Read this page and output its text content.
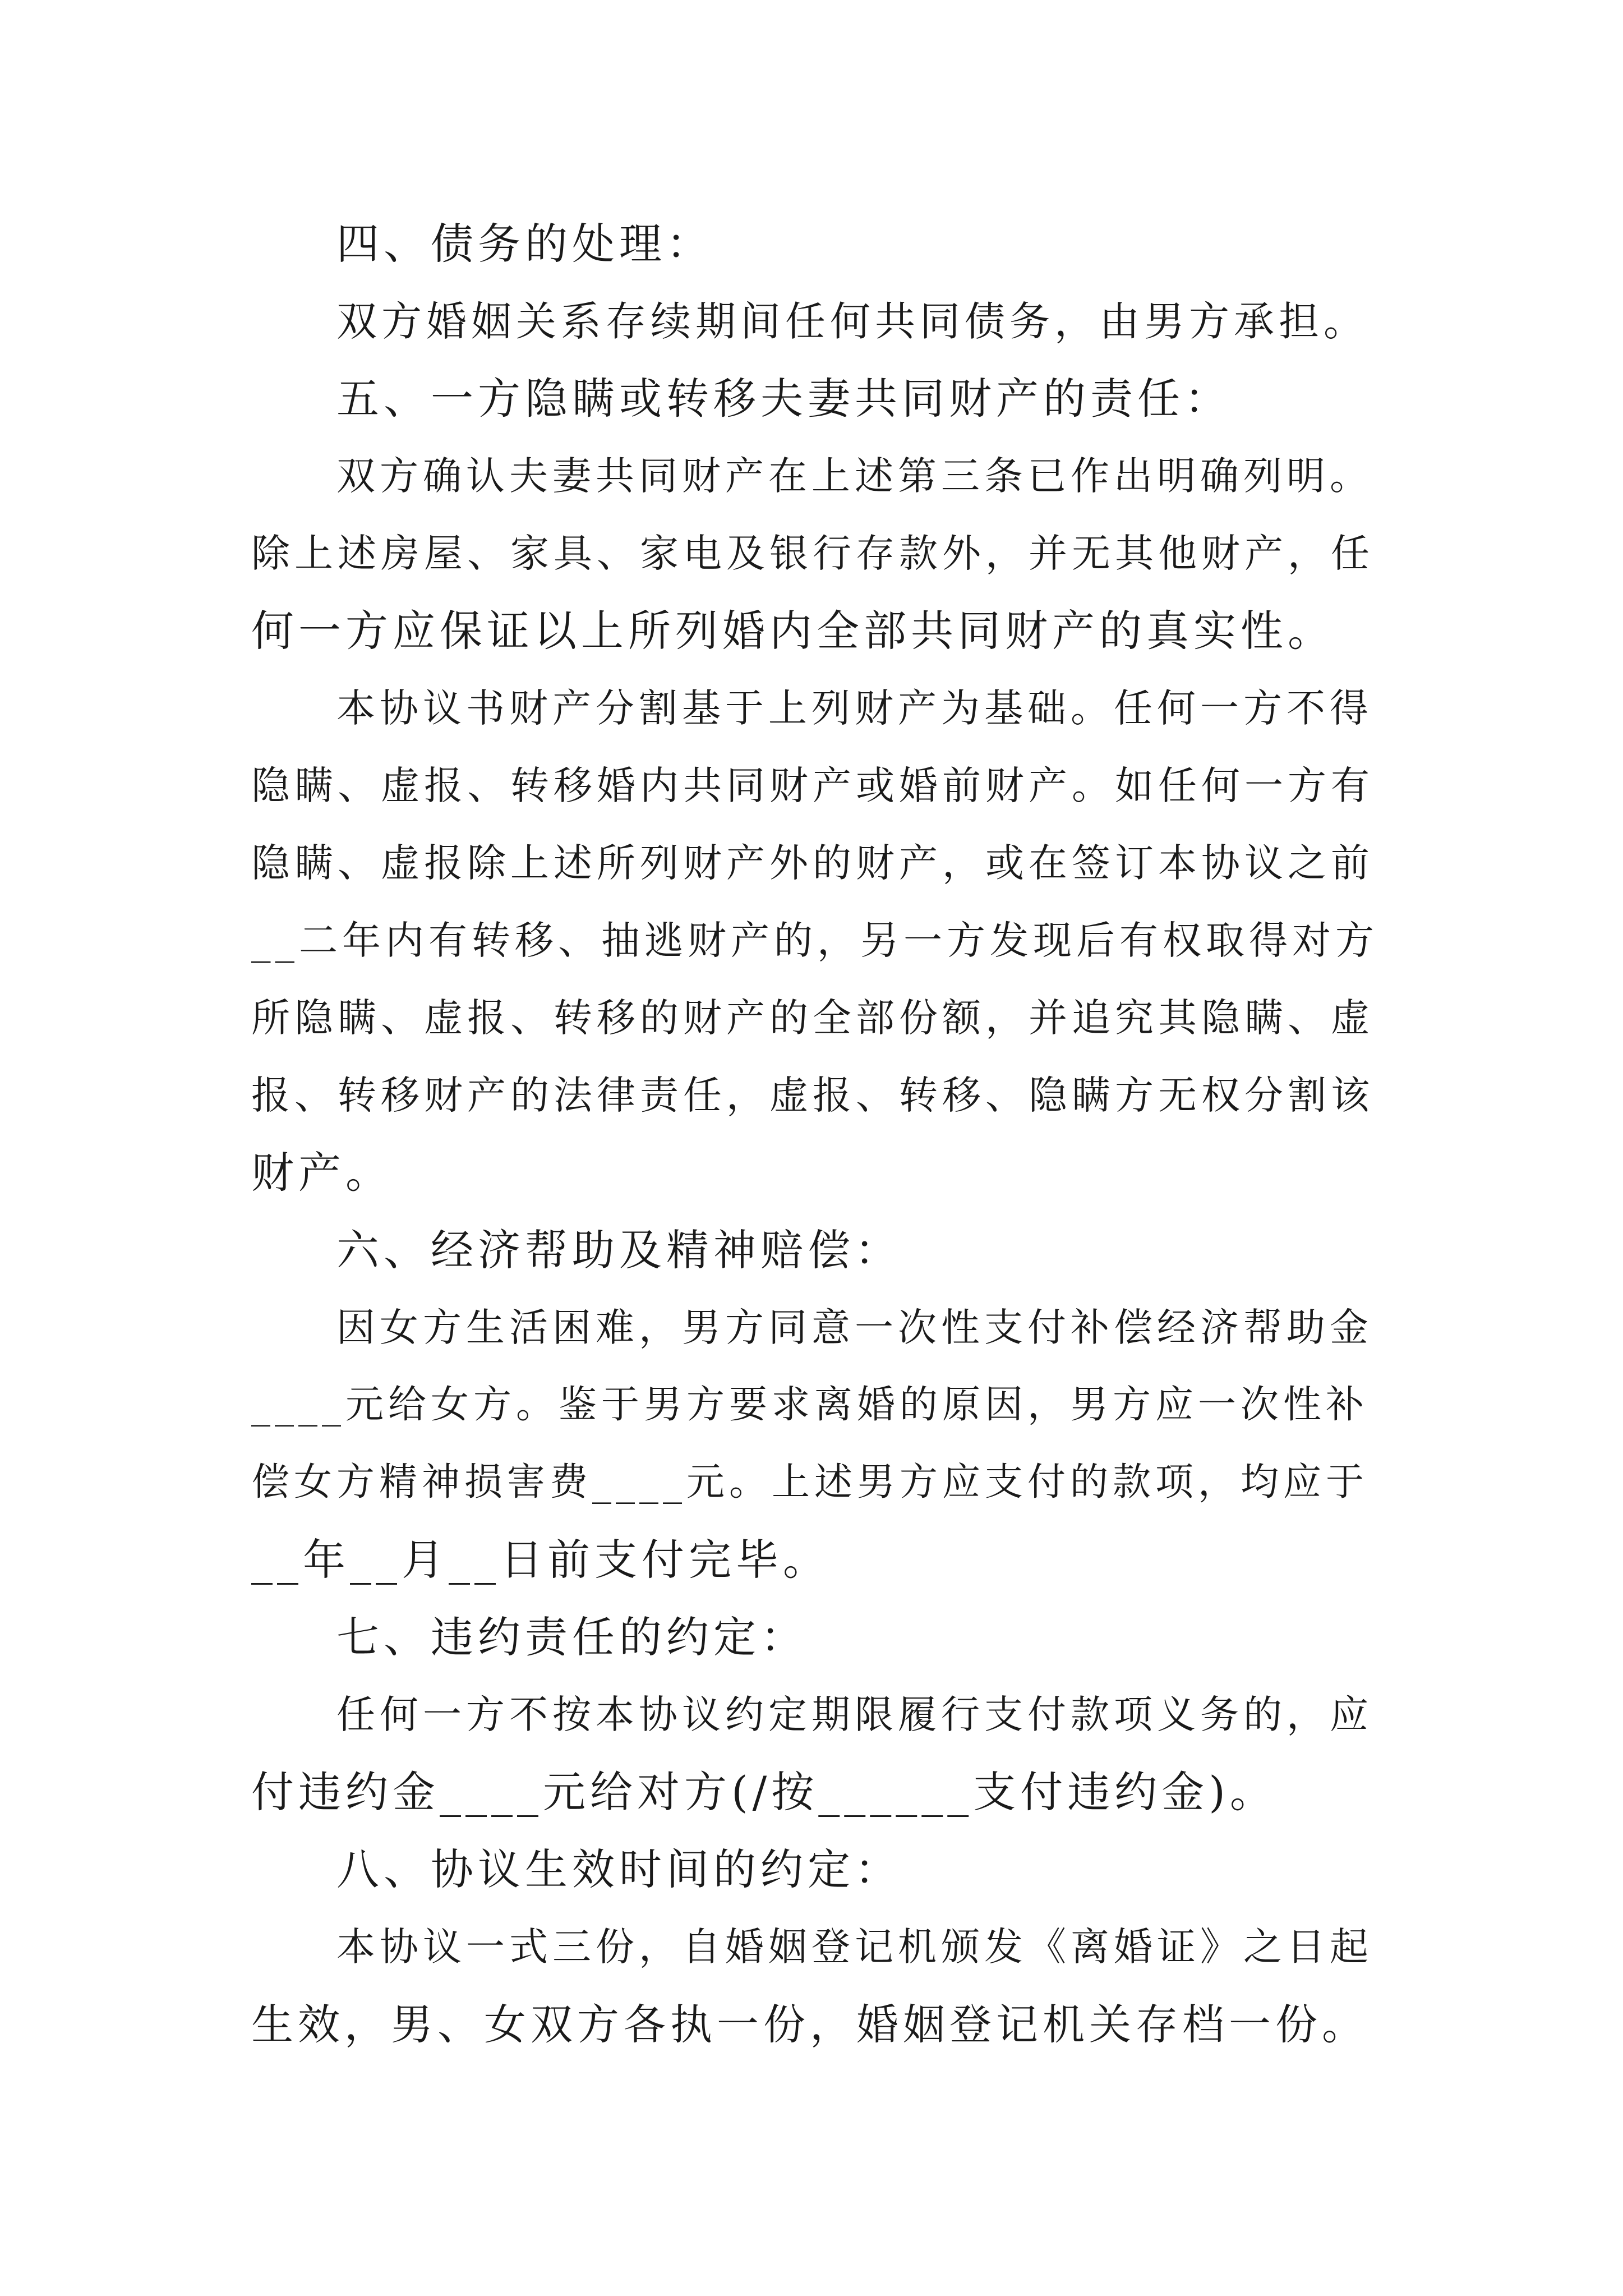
四、债务的处理：
双方婚姻关系存续期间任何共同债务，由男方承担。
五、一方隐瞒或转移夫妻共同财产的责任：
双方确认夫妻共同财产在上述第三条已作出明确列明。
除上述房屋、家具、家电及银行存款外，并无其他财产，任
何一方应保证以上所列婚内全部共同财产的真实性。
本协议书财产分割基于上列财产为基础。任何一方不得
隐瞒、虚报、转移婚内共同财产或婚前财产。如任何一方有
隐瞒、虚报除上述所列财产外的财产，或在签订本协议之前
__二年内有转移、抽逃财产的，另一方发现后有权取得对方
所隐瞒、虚报、转移的财产的全部份额，并追究其隐瞒、虚
报、转移财产的法律责任，虚报、转移、隐瞒方无权分割该
财产。
六、经济帮助及精神赔偿：
因女方生活困难，男方同意一次性支付补偿经济帮助金
____元给女方。鉴于男方要求离婚的原因，男方应一次性补
偿女方精神损害费____元。上述男方应支付的款项，均应于
__年__月__日前支付完毕。
七、违约责任的约定：
任何一方不按本协议约定期限履行支付款项义务的，应
付违约金____元给对方(/按______支付违约金)。
八、协议生效时间的约定：
本协议一式三份，自婚姻登记机颁发《离婚证》之日起
生效，男、女双方各执一份，婚姻登记机关存档一份。
